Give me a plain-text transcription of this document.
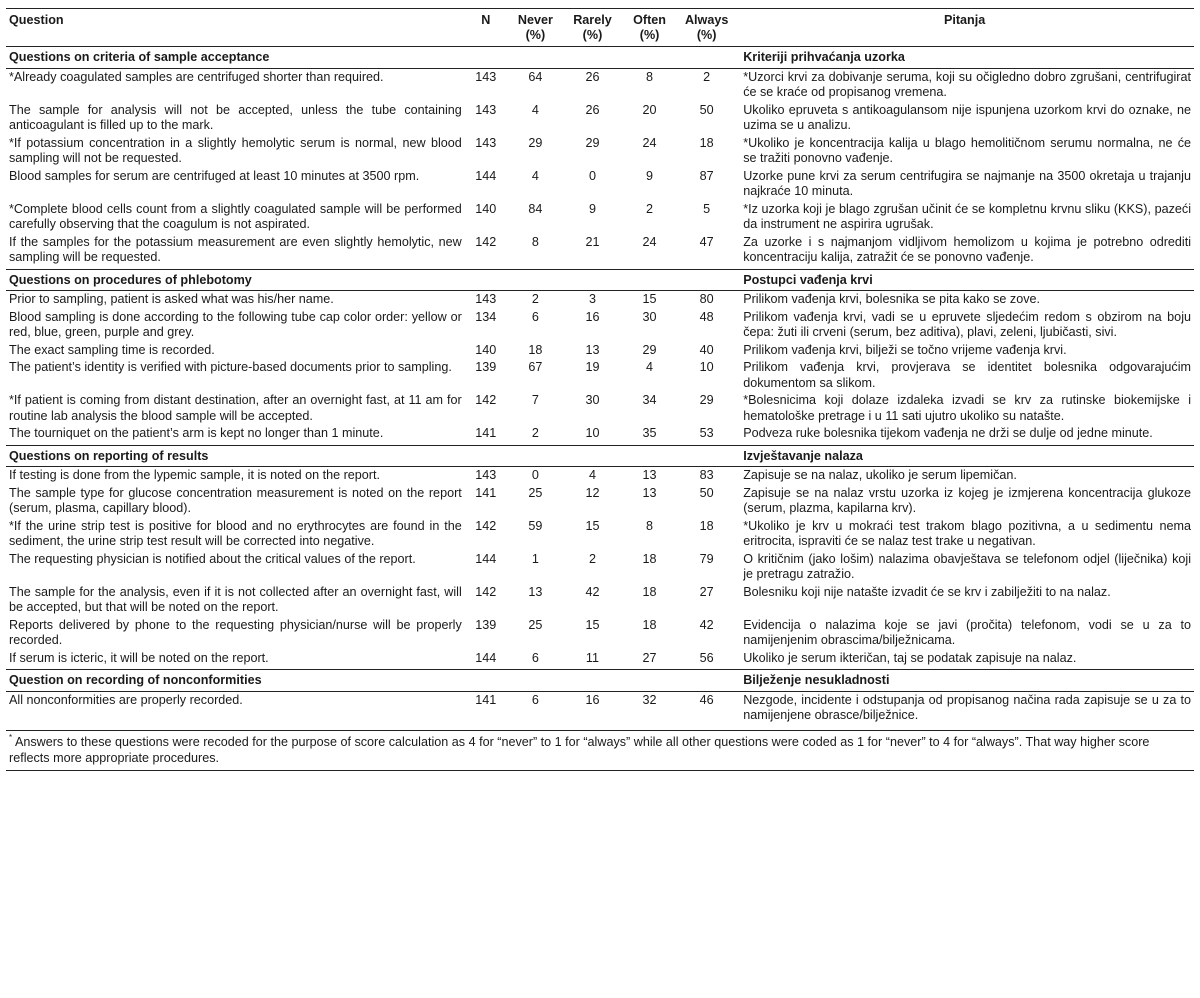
Question	N	Never (%)	Rarely (%)	Often (%)	Always (%)	Pitanja
Questions on criteria of sample acceptance						Kriteriji prihvaćanja uzorka
*Already coagulated samples are centrifuged shorter than required.	143	64	26	8	2	*Uzorci krvi za dobivanje seruma, koji su očigledno dobro zgrušani, centrifugirat će se kraće od propisanog vremena.
The sample for analysis will not be accepted, unless the tube containing anticoagulant is filled up to the mark.	143	4	26	20	50	Ukoliko epruveta s antikoagulansom nije ispunjena uzorkom krvi do oznake, ne uzima se u analizu.
*If potassium concentration in a slightly hemolytic serum is normal, new blood sampling will not be requested.	143	29	29	24	18	*Ukoliko je koncentracija kalija u blago hemolitičnom serumu normalna, ne će se tražiti ponovno vađenje.
Blood samples for serum are centrifuged at least 10 minutes at 3500 rpm.	144	4	0	9	87	Uzorke pune krvi za serum centrifugira se najmanje na 3500 okretaja u trajanju najkraće 10 minuta.
*Complete blood cells count from a slightly coagulated sample will be performed carefully observing that the coagulum is not aspirated.	140	84	9	2	5	*Iz uzorka koji je blago zgrušan učinit će se kompletnu krvnu sliku (KKS), pazeći da instrument ne aspirira ugrušak.
If the samples for the potassium measurement are even slightly hemolytic, new sampling will be requested.	142	8	21	24	47	Za uzorke i s najmanjom vidljivom hemolizom u kojima je potrebno odrediti koncentraciju kalija, zatražit će se ponovno vađenje.
Questions on procedures of phlebotomy						Postupci vađenja krvi
Prior to sampling, patient is asked what was his/her name.	143	2	3	15	80	Prilikom vađenja krvi, bolesnika se pita kako se zove.
Blood sampling is done according to the following tube cap color order: yellow or red, blue, green, purple and grey.	134	6	16	30	48	Prilikom vađenja krvi, vadi se u epruvete sljedećim redom s obzirom na boju čepa: žuti ili crveni (serum, bez aditiva), plavi, zeleni, ljubičasti, sivi.
The exact sampling time is recorded.	140	18	13	29	40	Prilikom vađenja krvi, bilježi se točno vrijeme vađenja krvi.
The patient’s identity is verified with picture-based documents prior to sampling.	139	67	19	4	10	Prilikom vađenja krvi, provjerava se identitet bolesnika odgovarajućim dokumentom sa slikom.
*If patient is coming from distant destination, after an overnight fast, at 11 am for routine lab analysis the blood sample will be accepted.	142	7	30	34	29	*Bolesnicima koji dolaze izdaleka izvadi se krv za rutinske biokemijske i hematološke pretrage i u 11 sati ujutro ukoliko su natašte.
The tourniquet on the patient’s arm is kept no longer than 1 minute.	141	2	10	35	53	Podveza ruke bolesnika tijekom vađenja ne drži se dulje od jedne minute.
Questions on reporting of results						Izvještavanje nalaza
If testing is done from the lypemic sample, it is noted on the report.	143	0	4	13	83	Zapisuje se na nalaz, ukoliko je serum lipemičan.
The sample type for glucose concentration measurement is noted on the report (serum, plasma, capillary blood).	141	25	12	13	50	Zapisuje se na nalaz vrstu uzorka iz kojeg je izmjerena koncentracija glukoze (serum, plazma, kapilarna krv).
*If the urine strip test is positive for blood and no erythrocytes are found in the sediment, the urine strip test result will be corrected into negative.	142	59	15	8	18	*Ukoliko je krv u mokraći test trakom blago pozitivna, a u sedimentu nema eritrocita, ispraviti će se nalaz test trake u negativan.
The requesting physician is notified about the critical values of the report.	144	1	2	18	79	O kritičnim (jako lošim) nalazima obavještava se telefonom odjel (liječnika) koji je pretragu zatražio.
The sample for the analysis, even if it is not collected after an overnight fast, will be accepted, but that will be noted on the report.	142	13	42	18	27	Bolesniku koji nije natašte izvadit će se krv i zabilježiti to na nalaz.
Reports delivered by phone to the requesting physician/nurse will be properly recorded.	139	25	15	18	42	Evidencija o nalazima koje se javi (pročita) telefonom, vodi se u za to namijenjenim obrascima/bilježnicama.
If serum is icteric, it will be noted on the report.	144	6	11	27	56	Ukoliko je serum ikteričan, taj se podatak zapisuje na nalaz.
Question on recording of nonconformities						Bilježenje nesukladnosti
All nonconformities are properly recorded.	141	6	16	32	46	Nezgode, incidente i odstupanja od propisanog načina rada zapisuje se u za to namijenjene obrasce/bilježnice.
* Answers to these questions were recoded for the purpose of score calculation as 4 for “never” to 1 for “always” while all other questions were coded as 1 for “never” to 4 for “always”. That way higher score reflects more appropriate procedures.
